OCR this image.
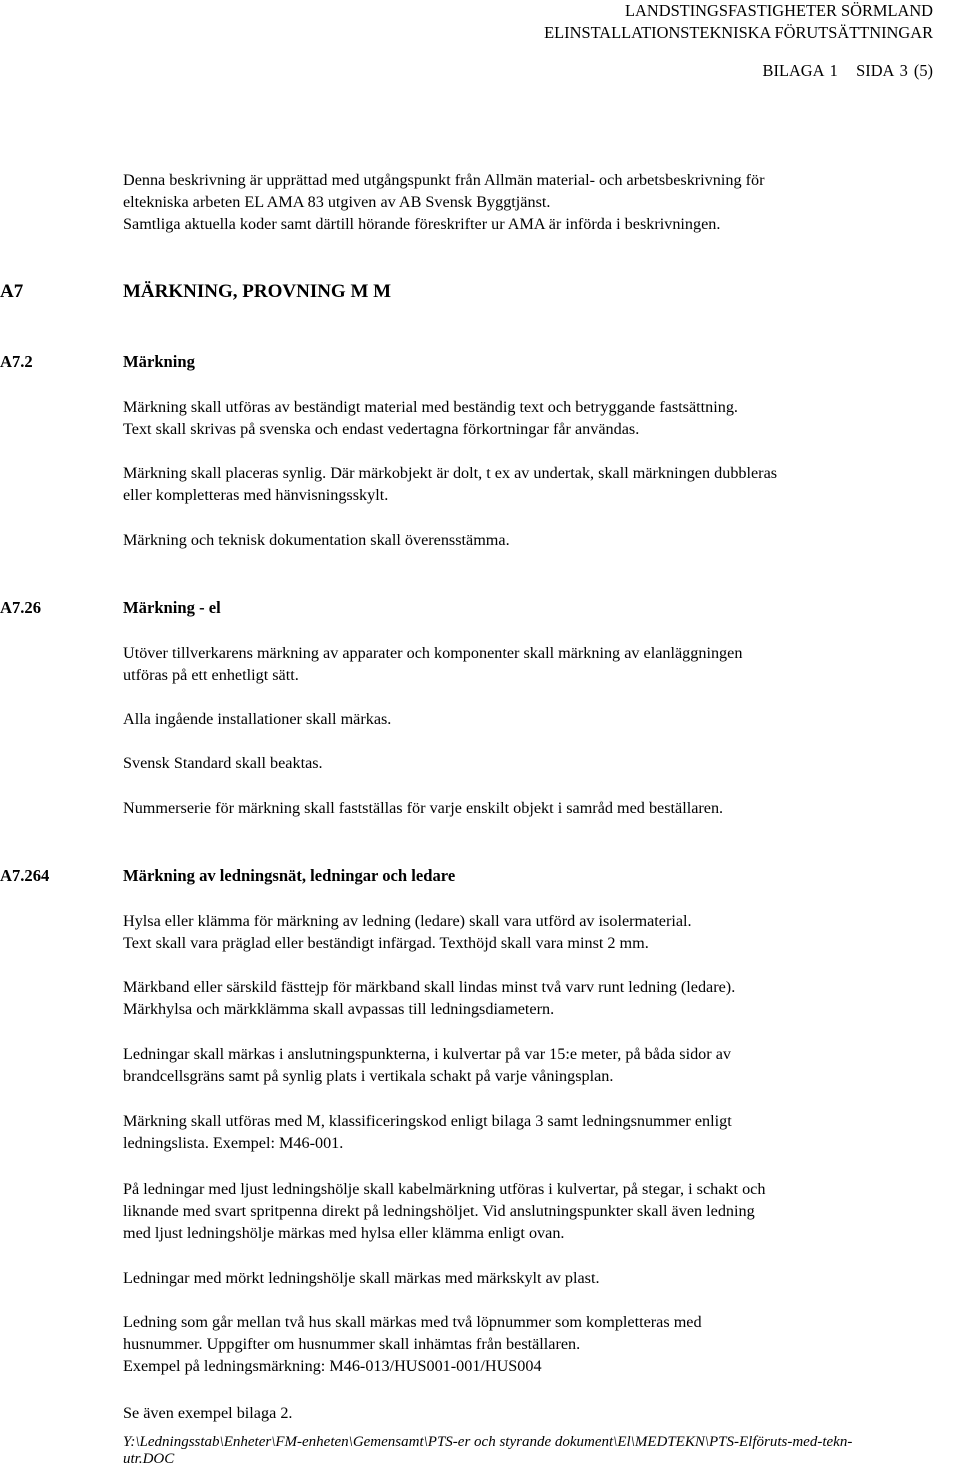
LANDSTINGSFASTIGHETER SÖRMLAND
ELINSTALLATIONSTEKNISKA FÖRUTSÄTTNINGAR
BILAGA 1   SIDA 3 (5)

Denna beskrivning är upprättad med utgångspunkt från Allmän material- och arbetsbeskrivning för

eltekniska arbeten EL AMA 83 utgiven av AB Svensk Byggtjänst.

Samtliga aktuella koder samt därtill hörande föreskrifter ur AMA är införda i beskrivningen.

A7	MÄRKNING, PROVNING M M
A7.2	Märkning

Märkning skall utföras av beständigt material med beständig text och betryggande fastsättning.

Text skall skrivas på svenska och endast vedertagna förkortningar får användas.

Märkning skall placeras synlig. Där märkobjekt är dolt, t ex av undertak, skall märkningen dubbleras

eller kompletteras med hänvisningsskylt.

Märkning och teknisk dokumentation skall överensstämma.

A7.26	Märkning - el

Utöver tillverkarens märkning av apparater och komponenter skall märkning av elanläggningen

utföras på ett enhetligt sätt.

Alla ingående installationer skall märkas.

Svensk Standard skall beaktas.

Nummerserie för märkning skall fastställas för varje enskilt objekt i samråd med beställaren.

A7.264	Märkning av ledningsnät, ledningar och ledare

Hylsa eller klämma för märkning av ledning (ledare) skall vara utförd av isolermaterial.

Text skall vara präglad eller beständigt infärgad. Texthöjd skall vara minst 2 mm.

Märkband eller särskild fästtejp för märkband skall lindas minst två varv runt ledning (ledare).

Märkhylsa och märkklämma skall avpassas till ledningsdiametern.

Ledningar skall märkas i anslutningspunkterna, i kulvertar på var 15:e meter, på båda sidor av

brandcellsgräns samt på synlig plats i vertikala schakt på varje våningsplan.

Märkning skall utföras med M, klassificeringskod enligt bilaga 3 samt ledningsnummer enligt

ledningslista. Exempel: M46-001.

På ledningar med ljust ledningshölje skall kabelmärkning utföras i kulvertar, på stegar, i schakt och

liknande med svart spritpenna direkt på ledningshöljet. Vid anslutningspunkter skall även ledning

med ljust ledningshölje märkas med hylsa eller klämma enligt ovan.

Ledningar med mörkt ledningshölje skall märkas med märkskylt av plast.

Ledning som går mellan två hus skall märkas med två löpnummer som kompletteras med

husnummer. Uppgifter om husnummer skall inhämtas från beställaren.

Exempel på ledningsmärkning: M46-013/HUS001-001/HUS004

Se även exempel bilaga 2.

Y:\Ledningsstab\Enheter\FM-enheten\Gemensamt\PTS-er och styrande dokument\El\MEDTEKN\PTS-Elföruts-med-tekn-
utr.DOC
